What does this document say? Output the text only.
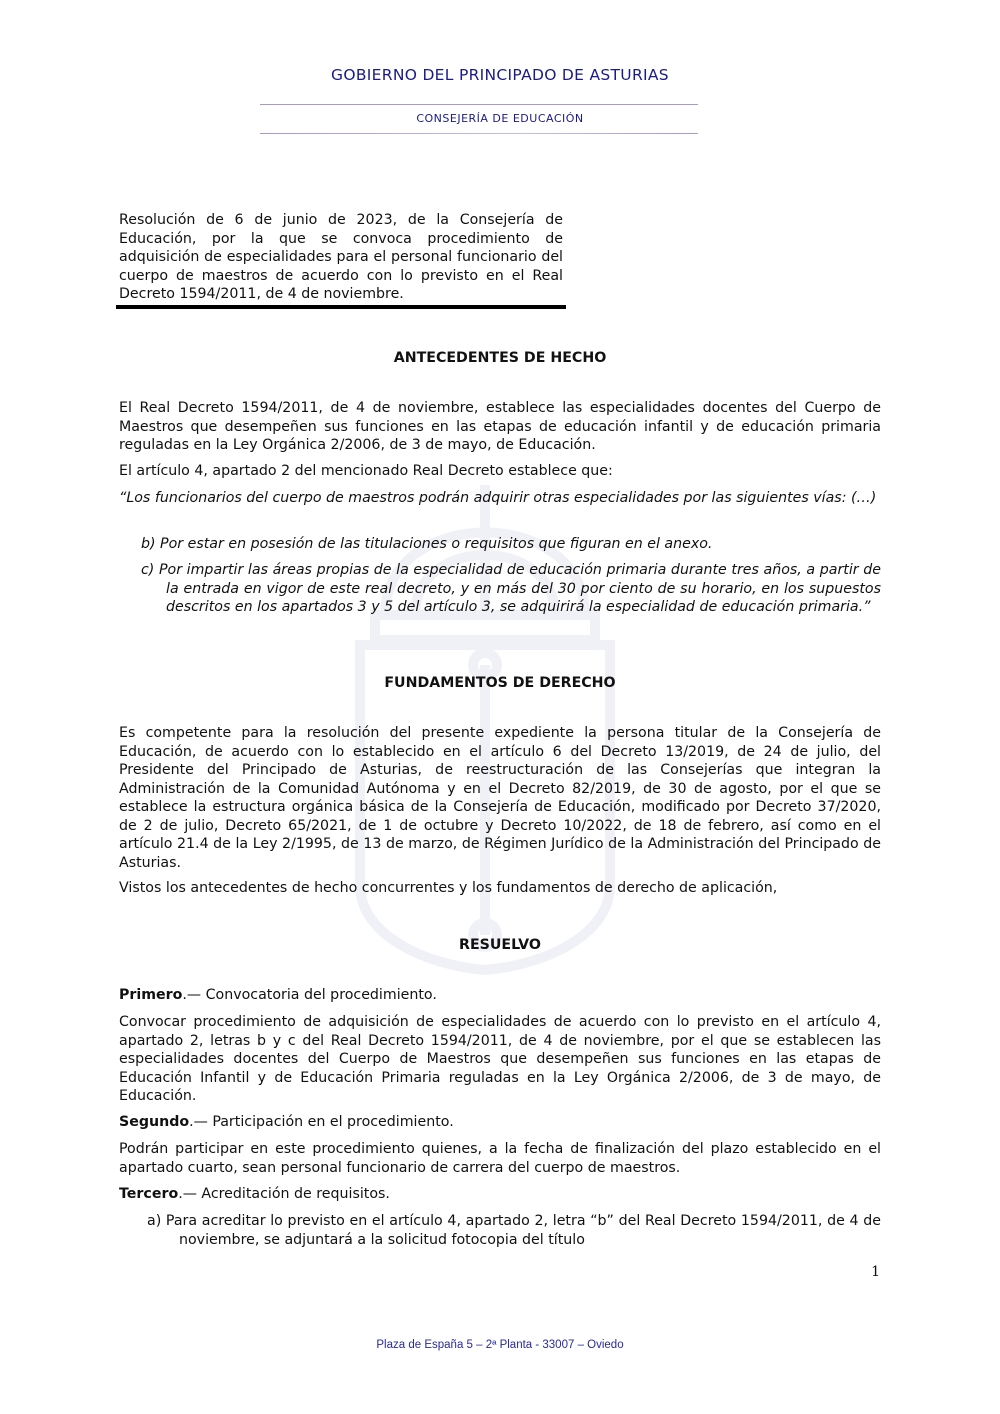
GOBIERNO DEL PRINCIPADO DE ASTURIAS
CONSEJERÍA DE EDUCACIÓN
Resolución de 6 de junio de 2023, de la Consejería de Educación, por la que se convoca procedimiento de adquisición de especialidades para el personal funcionario del cuerpo de maestros de acuerdo con lo previsto en el Real Decreto 1594/2011, de 4 de noviembre.
ANTECEDENTES DE HECHO
El Real Decreto 1594/2011, de 4 de noviembre, establece las especialidades docentes del Cuerpo de Maestros que desempeñen sus funciones en las etapas de educación infantil y de educación primaria reguladas en la Ley Orgánica 2/2006, de 3 de mayo, de Educación.
El artículo 4, apartado 2 del mencionado Real Decreto establece que:
“Los funcionarios del cuerpo de maestros podrán adquirir otras especialidades por las siguientes vías: (…)
b) Por estar en posesión de las titulaciones o requisitos que figuran en el anexo.
c) Por impartir las áreas propias de la especialidad de educación primaria durante tres años, a partir de la entrada en vigor de este real decreto, y en más del 30 por ciento de su horario, en los supuestos descritos en los apartados 3 y 5 del artículo 3, se adquirirá la especialidad de educación primaria.”
FUNDAMENTOS DE DERECHO
Es competente para la resolución del presente expediente la persona titular de la Consejería de Educación, de acuerdo con lo establecido en el artículo 6 del Decreto 13/2019, de 24 de julio, del Presidente del Principado de Asturias, de reestructuración de las Consejerías que integran la Administración de la Comunidad Autónoma y en el Decreto 82/2019, de 30 de agosto, por el que se establece la estructura orgánica básica de la Consejería de Educación, modificado por Decreto 37/2020, de 2 de julio, Decreto 65/2021, de 1 de octubre y Decreto 10/2022, de 18 de febrero, así como en el artículo 21.4 de la Ley 2/1995, de 13 de marzo, de Régimen Jurídico de la Administración del Principado de Asturias.
Vistos los antecedentes de hecho concurrentes y los fundamentos de derecho de aplicación,
RESUELVO
Primero.— Convocatoria del procedimiento.
Convocar procedimiento de adquisición de especialidades de acuerdo con lo previsto en el artículo 4, apartado 2, letras b y c del Real Decreto 1594/2011, de 4 de noviembre, por el que se establecen las especialidades docentes del Cuerpo de Maestros que desempeñen sus funciones en las etapas de Educación Infantil y de Educación Primaria reguladas en la Ley Orgánica 2/2006, de 3 de mayo, de Educación.
Segundo.— Participación en el procedimiento.
Podrán participar en este procedimiento quienes, a la fecha de finalización del plazo establecido en el apartado cuarto, sean personal funcionario de carrera del cuerpo de maestros.
Tercero.— Acreditación de requisitos.
a) Para acreditar lo previsto en el artículo 4, apartado 2, letra “b” del Real Decreto 1594/2011, de 4 de noviembre, se adjuntará a la solicitud fotocopia del título
1
Plaza de España 5 – 2ª Planta - 33007 – Oviedo
